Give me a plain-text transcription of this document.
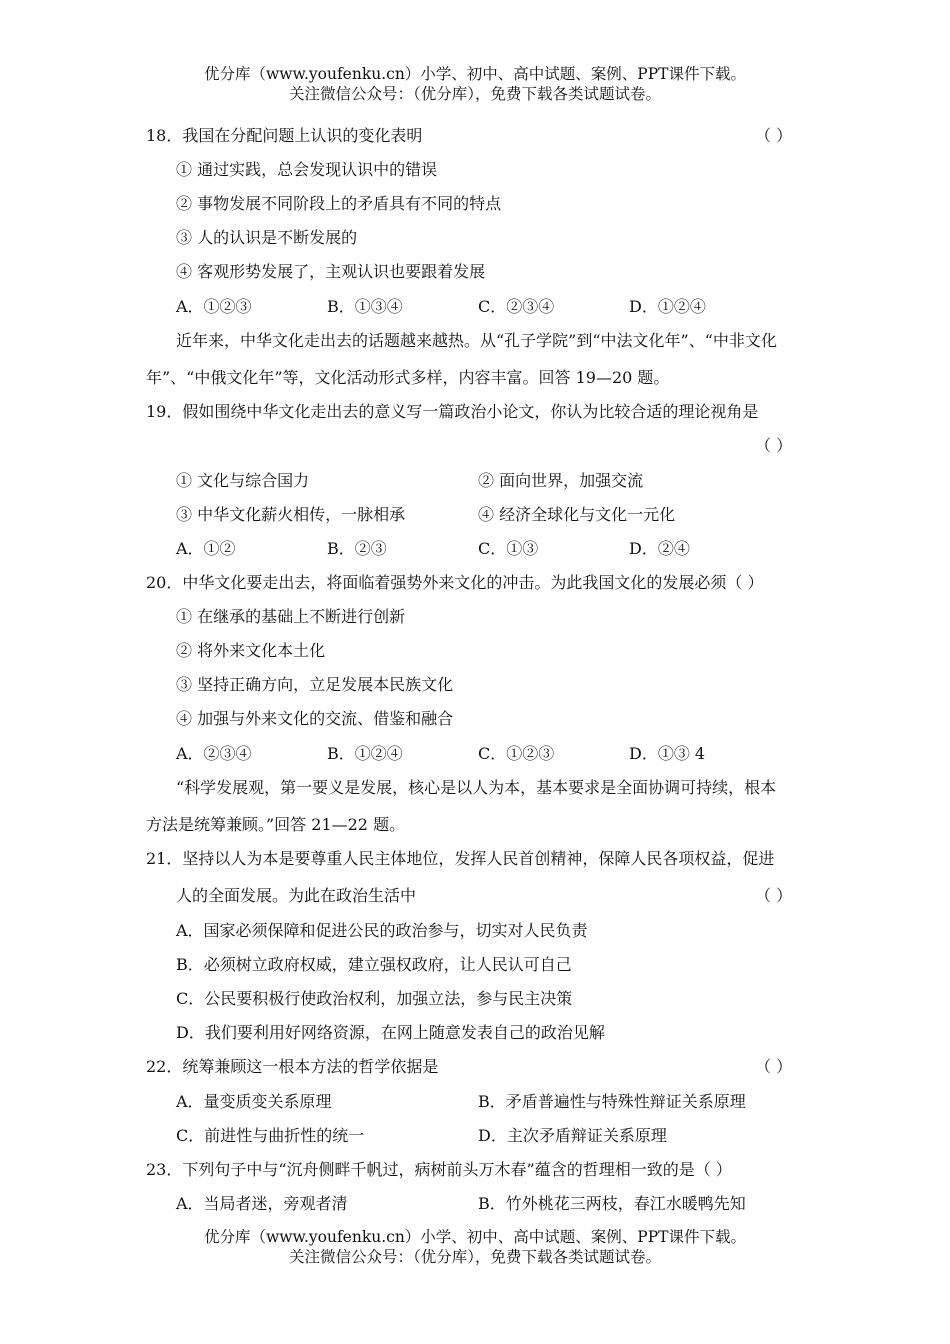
优分库（www.youfenku.cn）小学、初中、高中试题、案例、PPT课件下载。
关注微信公众号：（优分库），免费下载各类试题试卷。
18．我国在分配问题上认识的变化表明	（ ）
① 通过实践，总会发现认识中的错误
② 事物发展不同阶段上的矛盾具有不同的特点
③ 人的认识是不断发展的
④ 客观形势发展了，主观认识也要跟着发展
A．①②③	B．①③④	C．②③④	D．①②④
近年来，中华文化走出去的话题越来越热。从“孔子学院”到“中法文化年”、“中非文化
年”、“中俄文化年”等，文化活动形式多样，内容丰富。回答 19—20 题。
19．假如围绕中华文化走出去的意义写一篇政治小论文，你认为比较合适的理论视角是
（ ）
① 文化与综合国力	② 面向世界，加强交流
③ 中华文化薪火相传，一脉相承	④ 经济全球化与文化一元化
A．①②	B．②③	C．①③	D．②④
20．中华文化要走出去，将面临着强势外来文化的冲击。为此我国文化的发展必须（ ）
① 在继承的基础上不断进行创新
② 将外来文化本土化
③ 坚持正确方向，立足发展本民族文化
④ 加强与外来文化的交流、借鉴和融合
A．②③④	B．①②④	C．①②③	D．①③ 4
“科学发展观，第一要义是发展，核心是以人为本，基本要求是全面协调可持续，根本
方法是统筹兼顾。”回答 21—22 题。
21．坚持以人为本是要尊重人民主体地位，发挥人民首创精神，保障人民各项权益，促进
人的全面发展。为此在政治生活中	（ ）
A．国家必须保障和促进公民的政治参与，切实对人民负责
B．必须树立政府权威，建立强权政府，让人民认可自己
C．公民要积极行使政治权利，加强立法，参与民主决策
D．我们要利用好网络资源，在网上随意发表自己的政治见解
22．统筹兼顾这一根本方法的哲学依据是	（ ）
A．量变质变关系原理	B．矛盾普遍性与特殊性辩证关系原理
C．前进性与曲折性的统一	D．主次矛盾辩证关系原理
23．下列句子中与“沉舟侧畔千帆过，病树前头万木春”蕴含的哲理相一致的是（ ）
A．当局者迷，旁观者清	B．竹外桃花三两枝，春江水暖鸭先知
优分库（www.youfenku.cn）小学、初中、高中试题、案例、PPT课件下载。
关注微信公众号：（优分库），免费下载各类试题试卷。
